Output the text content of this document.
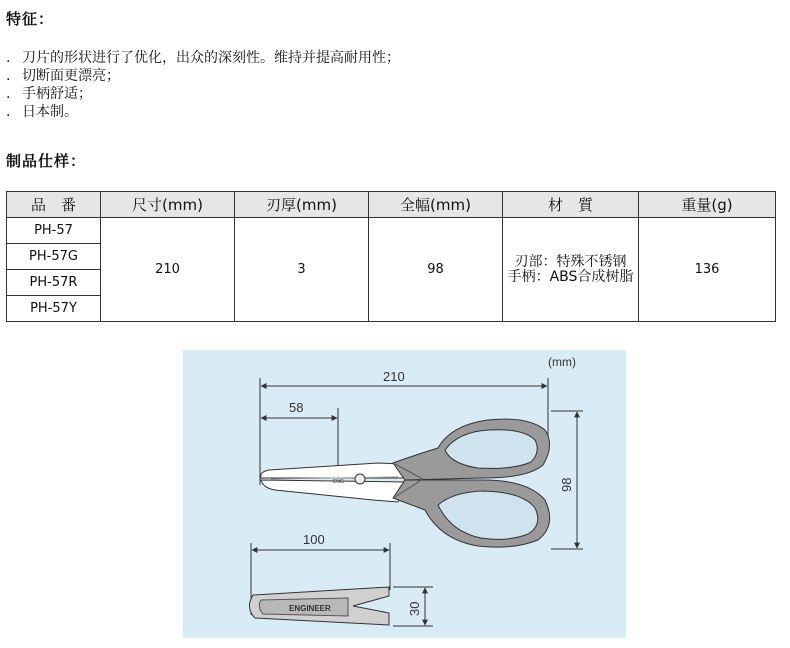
特征：
. 刀片的形状进行了优化，出众的深刻性。维持并提高耐用性；
. 切断面更漂亮；
. 手柄舒适；
. 日本制。
制品仕样：
品　番	尺寸(mm)	刃厚(mm)	全幅(mm)	材　質	重量(g)
PH-57	210	3	98	刃部：特殊不锈钢
手柄：ABS合成树脂	136
PH-57G					
PH-57R					
PH-57Y					
(mm)
210
58
98
ENG
100
30
ENGINEER
